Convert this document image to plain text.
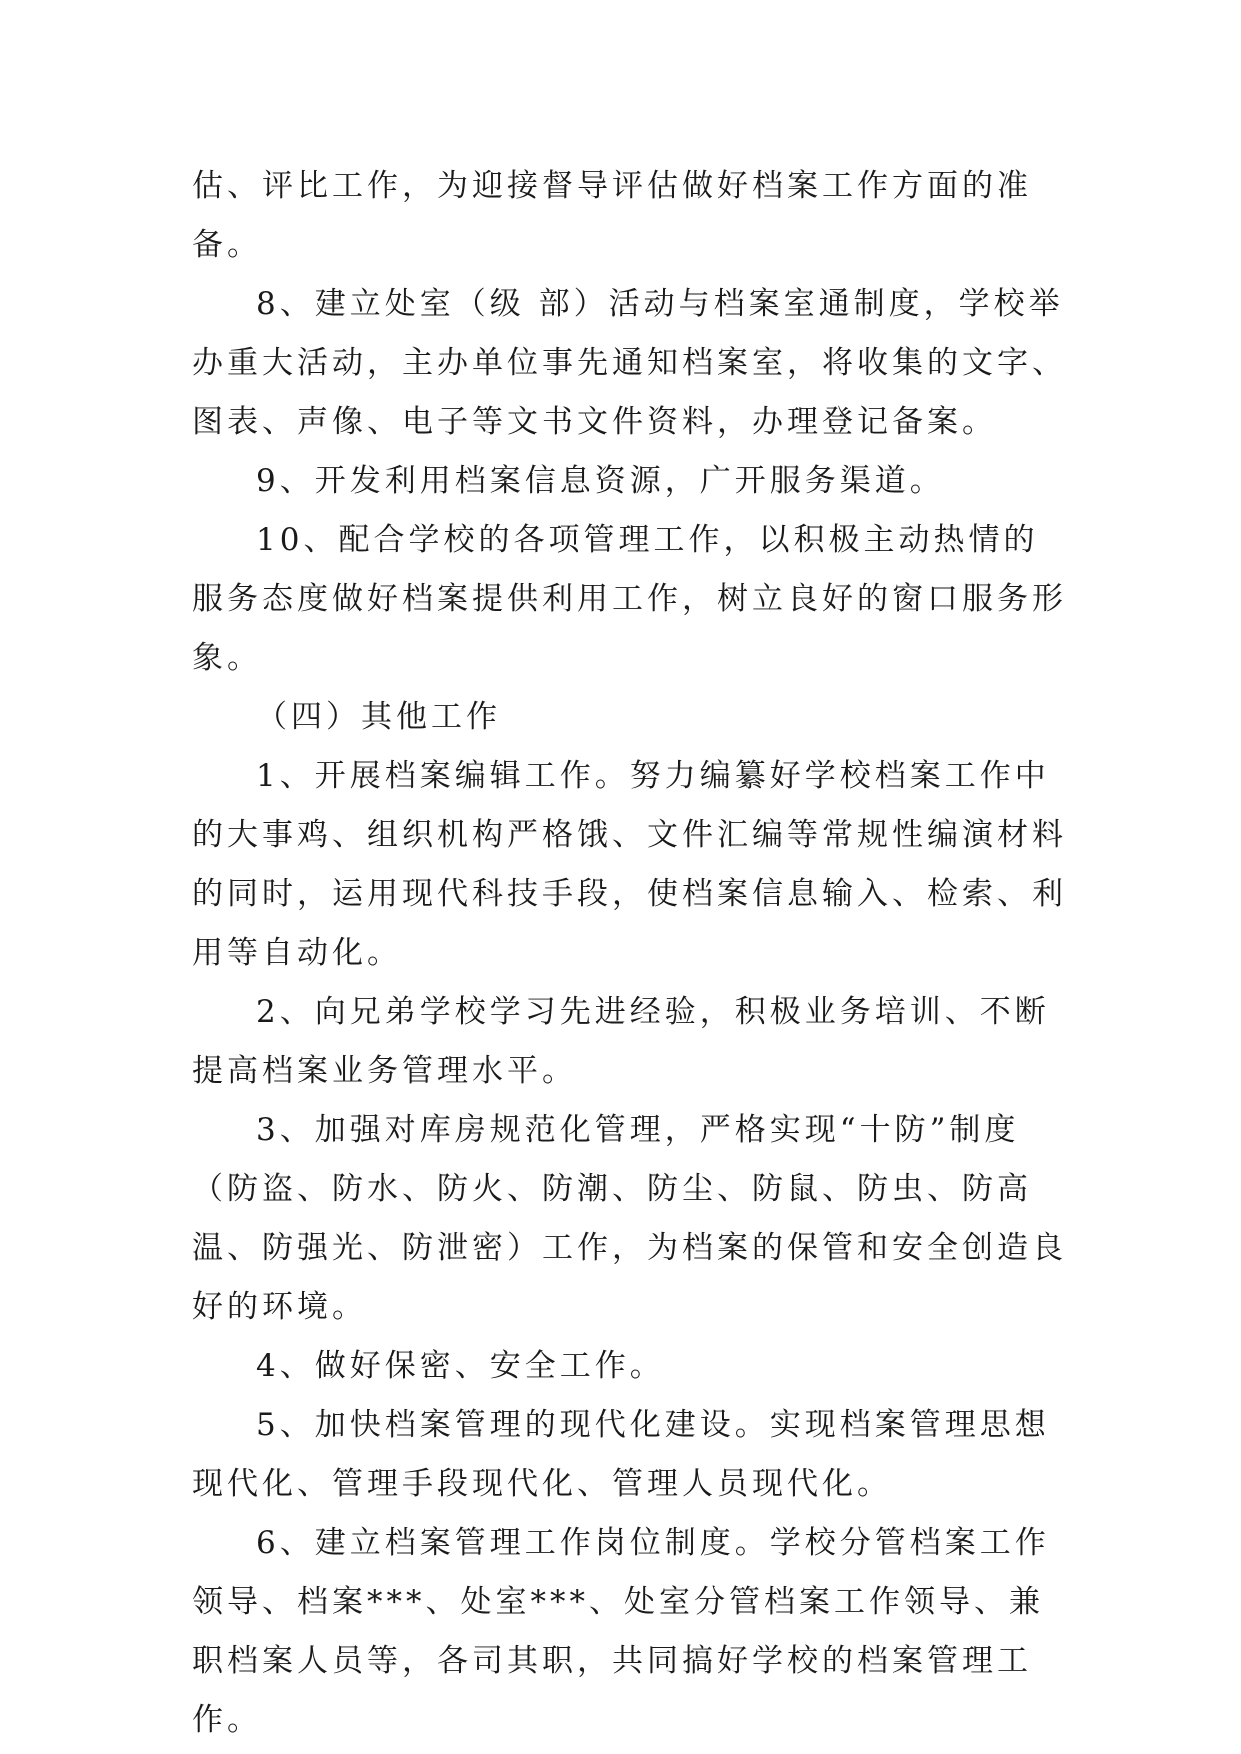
估、评比工作，为迎接督导评估做好档案工作方面的准备。

8、建立处室（级 部）活动与档案室通制度，学校举办重大活动，主办单位事先通知档案室，将收集的文字、图表、声像、电子等文书文件资料，办理登记备案。

9、开发利用档案信息资源，广开服务渠道。

10、配合学校的各项管理工作，以积极主动热情的服务态度做好档案提供利用工作，树立良好的窗口服务形象。

（四）其他工作

1、开展档案编辑工作。努力编纂好学校档案工作中的大事鸡、组织机构严格饿、文件汇编等常规性编演材料的同时，运用现代科技手段，使档案信息输入、检索、利用等自动化。

2、向兄弟学校学习先进经验，积极业务培训、不断提高档案业务管理水平。

3、加强对库房规范化管理，严格实现“十防”制度（防盗、防水、防火、防潮、防尘、防鼠、防虫、防高温、防强光、防泄密）工作，为档案的保管和安全创造良好的环境。

4、做好保密、安全工作。

5、加快档案管理的现代化建设。实现档案管理思想现代化、管理手段现代化、管理人员现代化。

6、建立档案管理工作岗位制度。学校分管档案工作领导、档案***、处室***、处室分管档案工作领导、兼职档案人员等，各司其职，共同搞好学校的档案管理工作。
